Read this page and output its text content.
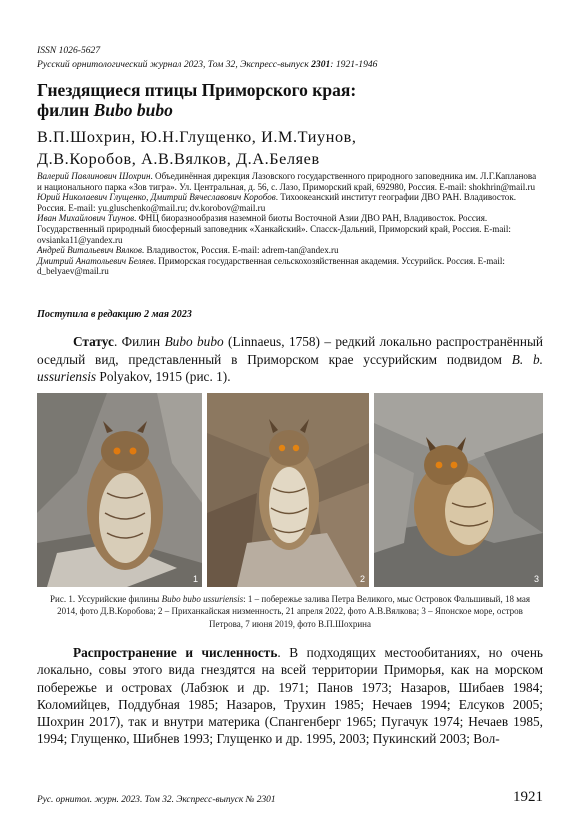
ISSN 1026-5627
Русский орнитологический журнал 2023, Том 32, Экспресс-выпуск 2301: 1921-1946
Гнездящиеся птицы Приморского края:
филин Bubo bubo
В.П.Шохрин, Ю.Н.Глущенко, И.М.Тиунов,
Д.В.Коробов, А.В.Вялков, Д.А.Беляев

Валерий Павлинович Шохрин. Объединённая дирекция Лазовского государственного природного заповедника им. Л.Г.Капланова и национального парка «Зов тигра». Ул. Центральная, д. 56, с. Лазо, Приморский край, 692980, Россия. E-mail: shokhrin@mail.ru

Юрий Николаевич Глущенко, Дмитрий Вячеславович Коробов. Тихоокеанский институт географии ДВО РАН. Владивосток. Россия. E-mail: yu.gluschenko@mail.ru; dv.korobov@mail.ru

Иван Михайлович Тиунов. ФНЦ биоразнообразия наземной биоты Восточной Азии ДВО РАН, Владивосток. Россия. Государственный природный биосферный заповедник «Ханкайский». Спасск-Дальний, Приморский край, Россия. E-mail: ovsianka11@yandex.ru

Андрей Витальевич Вялков. Владивосток, Россия. E-mail: adrem-tan@andex.ru

Дмитрий Анатольевич Беляев. Приморская государственная сельскохозяйственная академия. Уссурийск. Россия. E-mail: d_belyaev@mail.ru

Поступила в редакцию 2 мая 2023

Статус. Филин Bubo bubo (Linnaeus, 1758) – редкий локально распространённый оседлый вид, представленный в Приморском крае уссурийским подвидом B. b. ussuriensis Polyakov, 1915 (рис. 1).

1	2	3
Рис. 1. Уссурийские филины Bubo bubo ussuriensis: 1 – побережье залива Петра Великого, мыс Островок Фальшивый, 18 мая 2014, фото Д.В.Коробова; 2 – Приханкайская низменность, 21 апреля 2022, фото А.В.Вялкова; 3 – Японское море, остров Петрова, 7 июня 2019, фото В.П.Шохрина

Распространение и численность. В подходящих местообитаниях, но очень локально, совы этого вида гнездятся на всей территории Приморья, как на морском побережье и островах (Лабзюк и др. 1971; Панов 1973; Назаров, Шибаев 1984; Коломийцев, Поддубная 1985; Назаров, Трухин 1985; Нечаев 1994; Елсуков 2005; Шохрин 2017), так и внутри материка (Спангенберг 1965; Пугачук 1974; Нечаев 1985, 1994; Глущенко, Шибнев 1993; Глущенко и др. 1995, 2003; Пукинский 2003; Вол-

Рус. орнитол. журн. 2023. Том 32. Экспресс-выпуск № 2301	1921
